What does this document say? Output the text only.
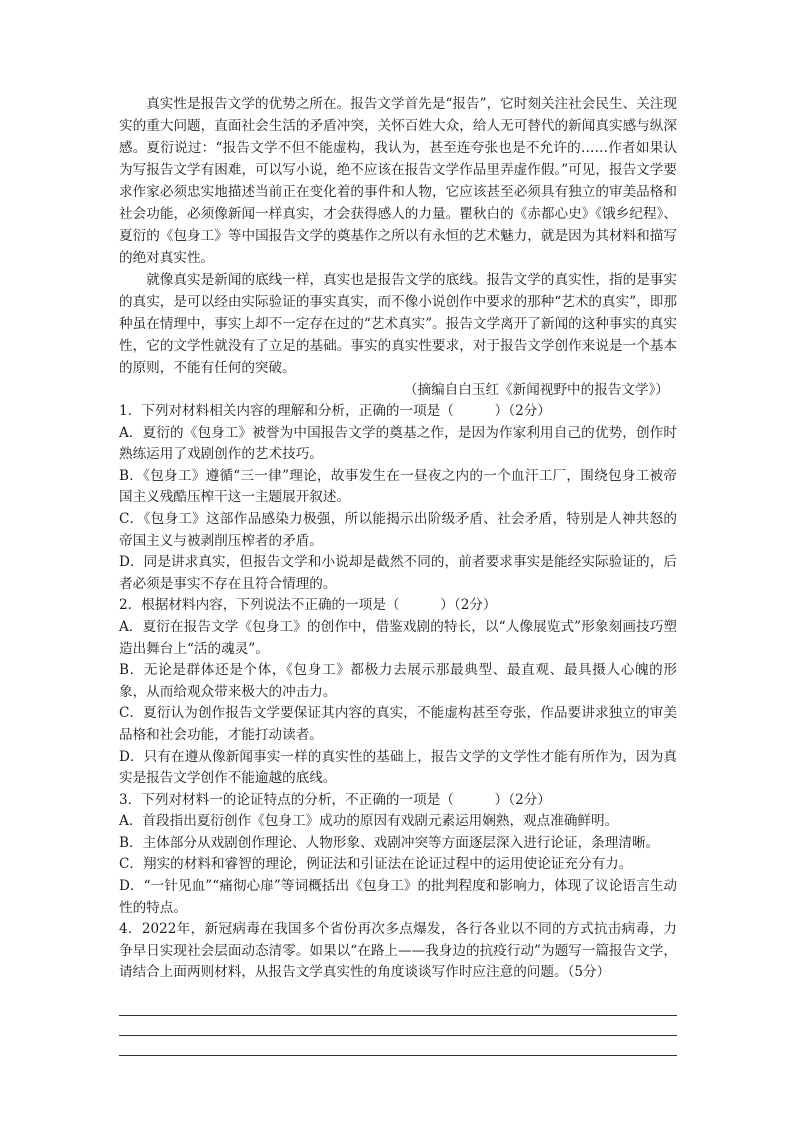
真实性是报告文学的优势之所在。报告文学首先是“报告”，它时刻关注社会民生、关注现实的重大问题，直面社会生活的矛盾冲突，关怀百姓大众，给人无可替代的新闻真实感与纵深感。夏衍说过：“报告文学不但不能虚构，我认为，甚至连夸张也是不允许的……作者如果认为写报告文学有困难，可以写小说，绝不应该在报告文学作品里弄虚作假。”可见，报告文学要求作家必须忠实地描述当前正在变化着的事件和人物，它应该甚至必须具有独立的审美品格和社会功能，必须像新闻一样真实，才会获得感人的力量。瞿秋白的《赤都心史》《饿乡纪程》、夏衍的《包身工》等中国报告文学的奠基作之所以有永恒的艺术魅力，就是因为其材料和描写的绝对真实性。

就像真实是新闻的底线一样，真实也是报告文学的底线。报告文学的真实性，指的是事实的真实，是可以经由实际验证的事实真实，而不像小说创作中要求的那种“艺术的真实”，即那种虽在情理中，事实上却不一定存在过的“艺术真实”。报告文学离开了新闻的这种事实的真实性，它的文学性就没有了立足的基础。事实的真实性要求，对于报告文学创作来说是一个基本的原则，不能有任何的突破。

（摘编自白玉红《新闻视野中的报告文学》）

1．下列对材料相关内容的理解和分析，正确的一项是（　　　）（2分）

A．夏衍的《包身工》被誉为中国报告文学的奠基之作，是因为作家利用自己的优势，创作时熟练运用了戏剧创作的艺术技巧。

B．《包身工》遵循“三一律”理论，故事发生在一昼夜之内的一个血汗工厂，围绕包身工被帝国主义残酷压榨干这一主题展开叙述。

C．《包身工》这部作品感染力极强，所以能揭示出阶级矛盾、社会矛盾，特别是人神共怒的帝国主义与被剥削压榨者的矛盾。

D．同是讲求真实，但报告文学和小说却是截然不同的，前者要求事实是能经实际验证的，后者必须是事实不存在且符合情理的。

2．根据材料内容，下列说法不正确的一项是（　　　）（2分）

A．夏衍在报告文学《包身工》的创作中，借鉴戏剧的特长，以“人像展览式”形象刻画技巧塑造出舞台上“活的魂灵”。

B．无论是群体还是个体，《包身工》都极力去展示那最典型、最直观、最具摄人心魄的形象，从而给观众带来极大的冲击力。

C．夏衍认为创作报告文学要保证其内容的真实，不能虚构甚至夸张，作品要讲求独立的审美品格和社会功能，才能打动读者。

D．只有在遵从像新闻事实一样的真实性的基础上，报告文学的文学性才能有所作为，因为真实是报告文学创作不能逾越的底线。

3．下列对材料一的论证特点的分析，不正确的一项是（　　　）（2分）

A．首段指出夏衍创作《包身工》成功的原因有戏剧元素运用娴熟，观点准确鲜明。

B．主体部分从戏剧创作理论、人物形象、戏剧冲突等方面逐层深入进行论证，条理清晰。

C．翔实的材料和睿智的理论，例证法和引证法在论证过程中的运用使论证充分有力。

D．“一针见血”“痛彻心扉”等词概括出《包身工》的批判程度和影响力，体现了议论语言生动性的特点。

4．2022年，新冠病毒在我国多个省份再次多点爆发，各行各业以不同的方式抗击病毒，力争早日实现社会层面动态清零。如果以“在路上——我身边的抗疫行动”为题写一篇报告文学，请结合上面两则材料，从报告文学真实性的角度谈谈写作时应注意的问题。（5分）
